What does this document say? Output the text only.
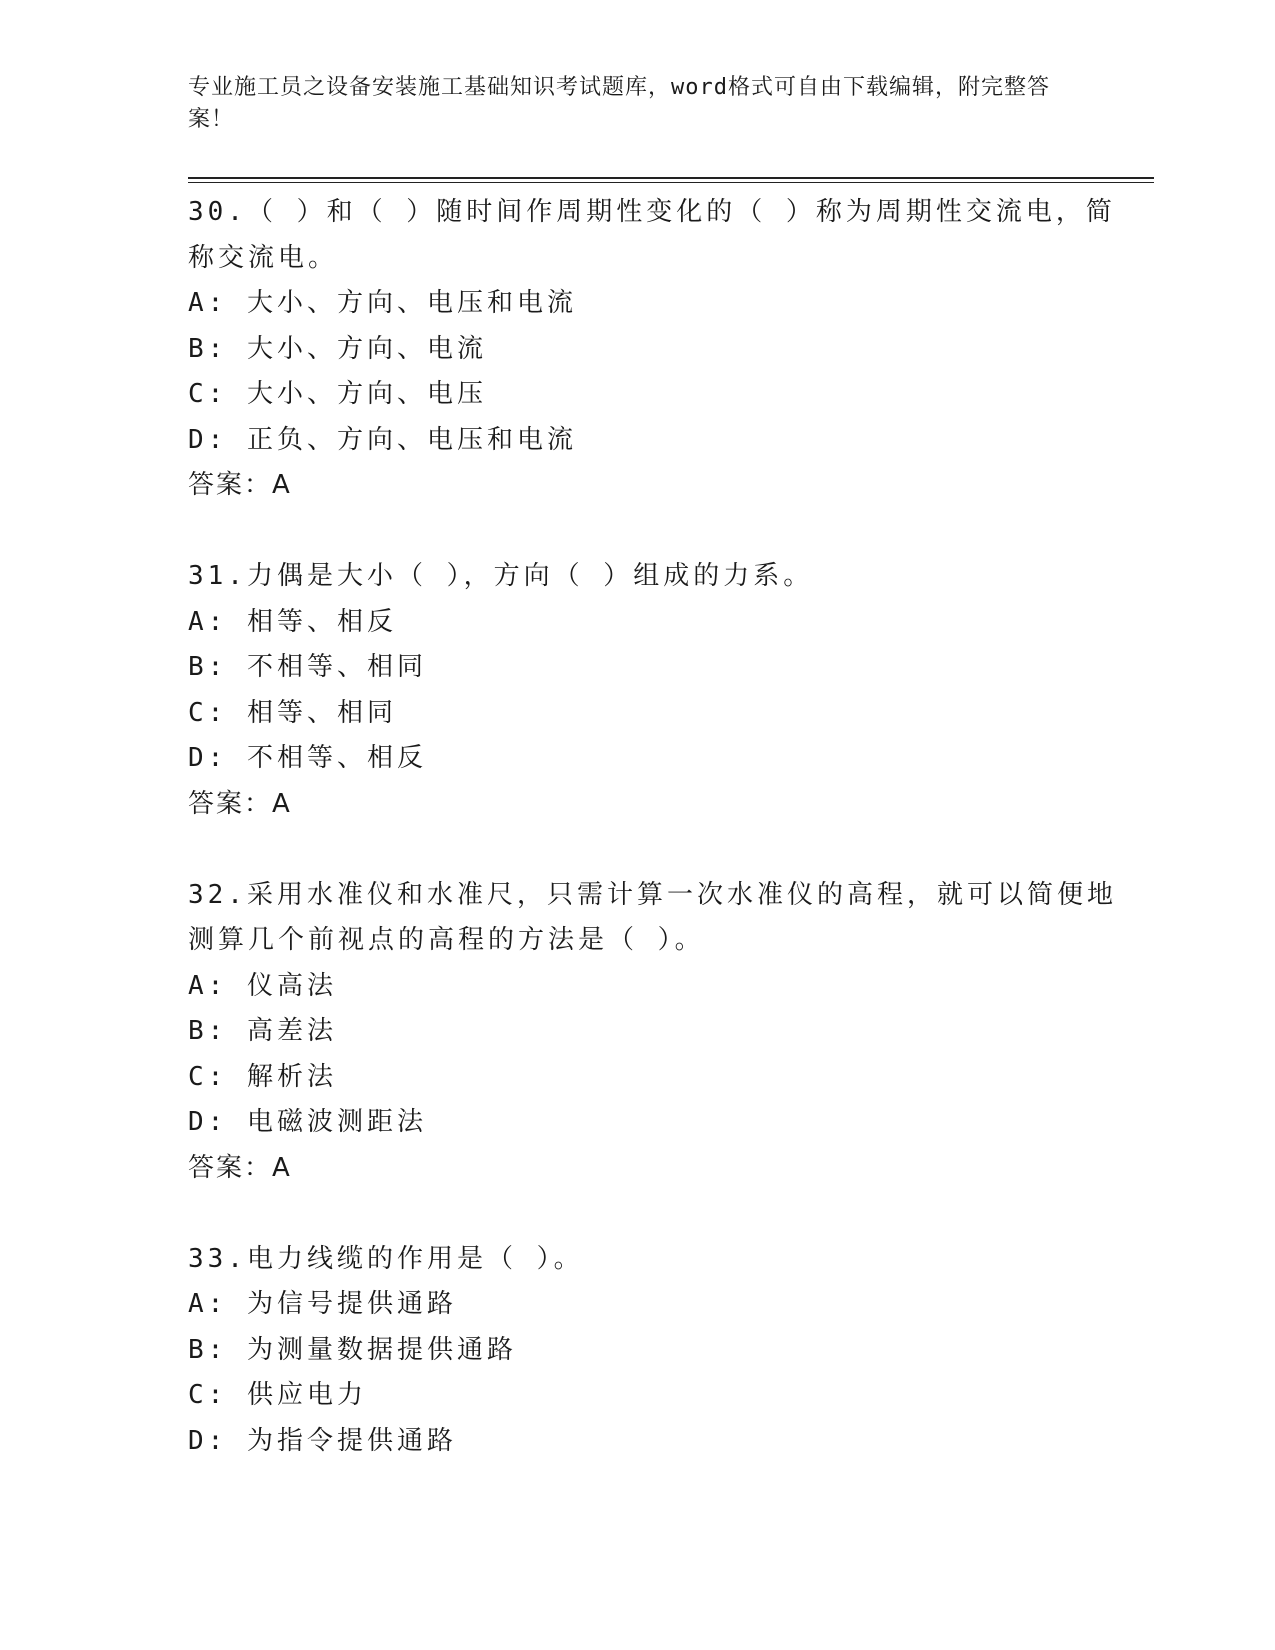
专业施工员之设备安装施工基础知识考试题库，word格式可自由下载编辑，附完整答案！
30.（ ）和（ ）随时间作周期性变化的（ ）称为周期性交流电，简
称交流电。
A: 大小、方向、电压和电流
B: 大小、方向、电流
C: 大小、方向、电压
D: 正负、方向、电压和电流
答案：A
31.力偶是大小（ ），方向（ ）组成的力系。
A: 相等、相反
B: 不相等、相同
C: 相等、相同
D: 不相等、相反
答案：A
32.采用水准仪和水准尺，只需计算一次水准仪的高程，就可以简便地
测算几个前视点的高程的方法是（ ）。
A: 仪高法
B: 高差法
C: 解析法
D: 电磁波测距法
答案：A
33.电力线缆的作用是（ ）。
A: 为信号提供通路
B: 为测量数据提供通路
C: 供应电力
D: 为指令提供通路
